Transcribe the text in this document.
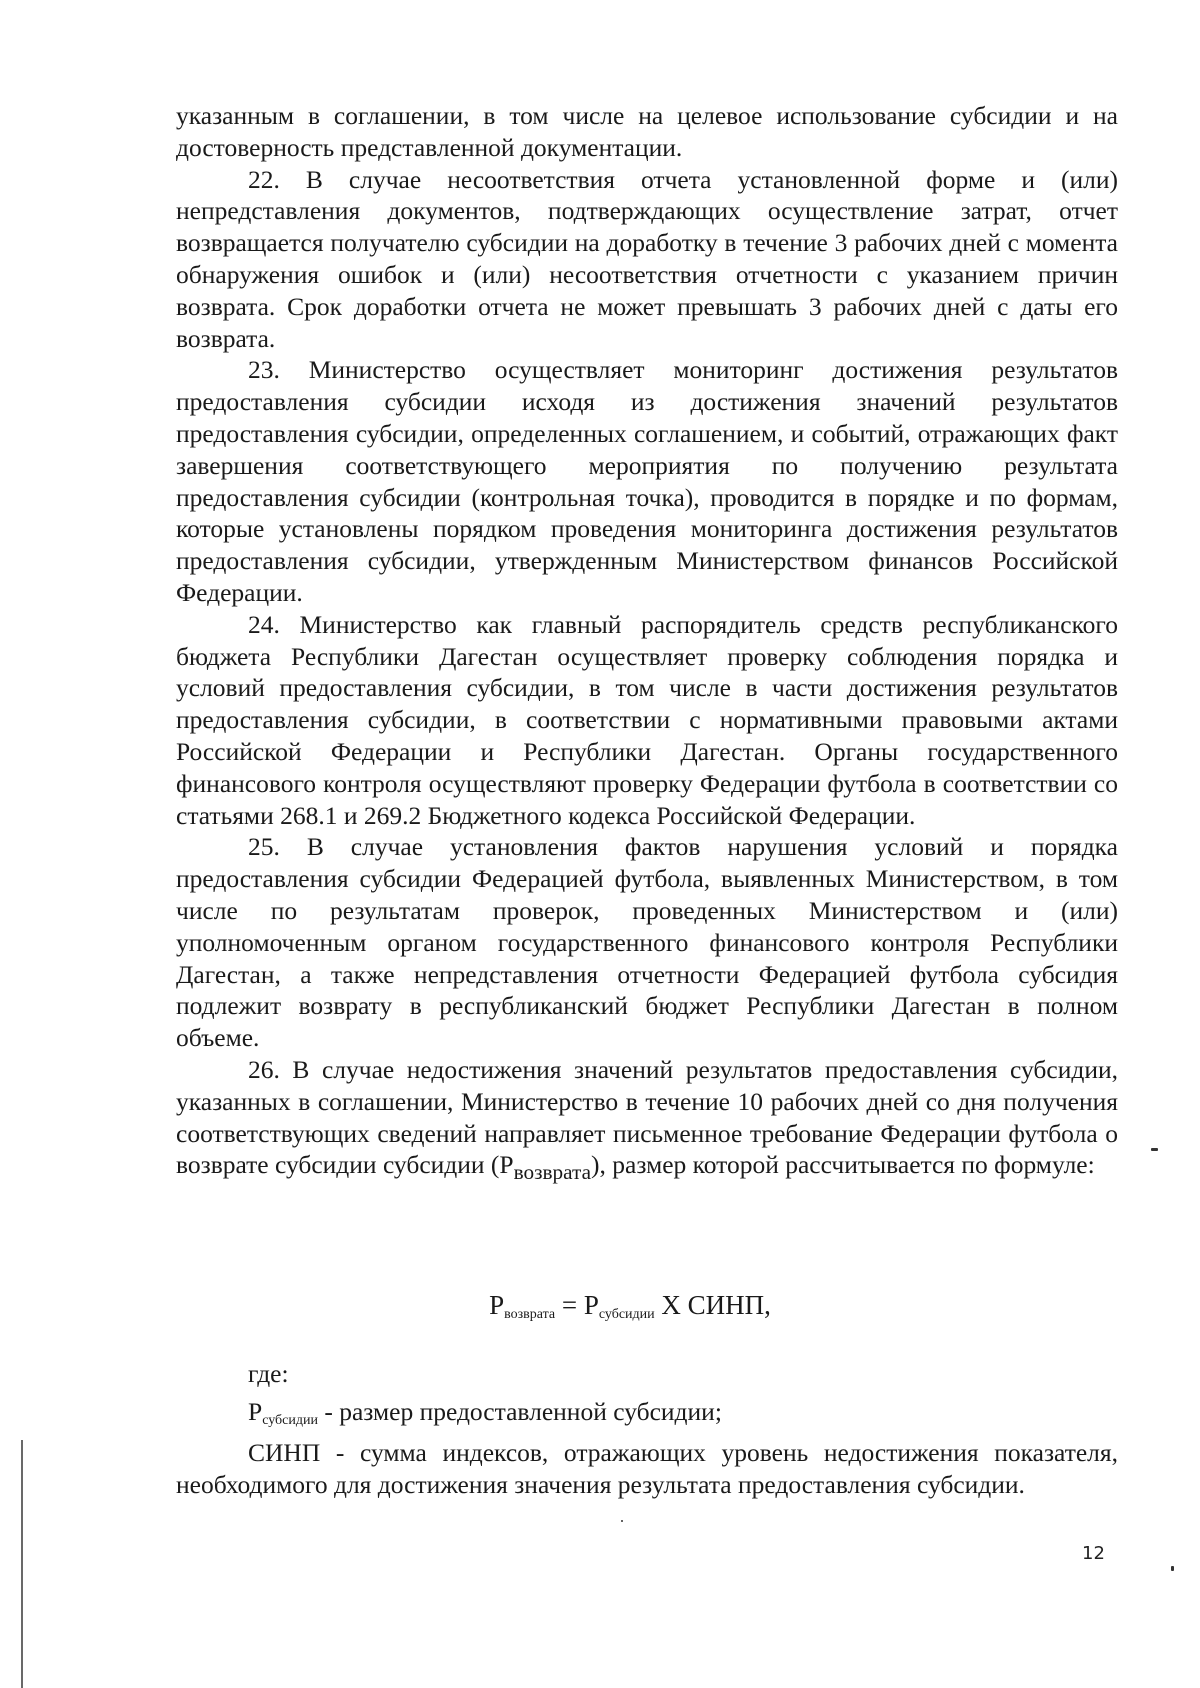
указанным в соглашении, в том числе на целевое использование субсидии и на достоверность представленной документации.

22. В случае несоответствия отчета установленной форме и (или) непредставления документов, подтверждающих осуществление затрат, отчет возвращается получателю субсидии на доработку в течение 3 рабочих дней с момента обнаружения ошибок и (или) несоответствия отчетности с указанием причин возврата. Срок доработки отчета не может превышать 3 рабочих дней с даты его возврата.

23. Министерство осуществляет мониторинг достижения результатов предоставления субсидии исходя из достижения значений результатов предоставления субсидии, определенных соглашением, и событий, отражающих факт завершения соответствующего мероприятия по получению результата предоставления субсидии (контрольная точка), проводится в порядке и по формам, которые установлены порядком проведения мониторинга достижения результатов предоставления субсидии, утвержденным Министерством финансов Российской Федерации.

24. Министерство как главный распорядитель средств республиканского бюджета Республики Дагестан осуществляет проверку соблюдения порядка и условий предоставления субсидии, в том числе в части достижения результатов предоставления субсидии, в соответствии с нормативными правовыми актами Российской Федерации и Республики Дагестан. Органы государственного финансового контроля осуществляют проверку Федерации футбола в соответствии со статьями 268.1 и 269.2 Бюджетного кодекса Российской Федерации.

25. В случае установления фактов нарушения условий и порядка предоставления субсидии Федерацией футбола, выявленных Министерством, в том числе по результатам проверок, проведенных Министерством и (или) уполномоченным органом государственного финансового контроля Республики Дагестан, а также непредставления отчетности Федерацией футбола субсидия подлежит возврату в республиканский бюджет Республики Дагестан в полном объеме.

26. В случае недостижения значений результатов предоставления субсидии, указанных в соглашении, Министерство в течение 10 рабочих дней со дня получения соответствующих сведений направляет письменное требование Федерации футбола о возврате субсидии субсидии $(P_{возврата})$, размер которой рассчитывается по формуле:

$P_{возврата} = P_{субсидии}$ Х СИНП,

где:

$P_{субсидии}$ - размер предоставленной субсидии;

СИНП - сумма индексов, отражающих уровень недостижения показателя, необходимого для достижения значения результата предоставления субсидии.

12
